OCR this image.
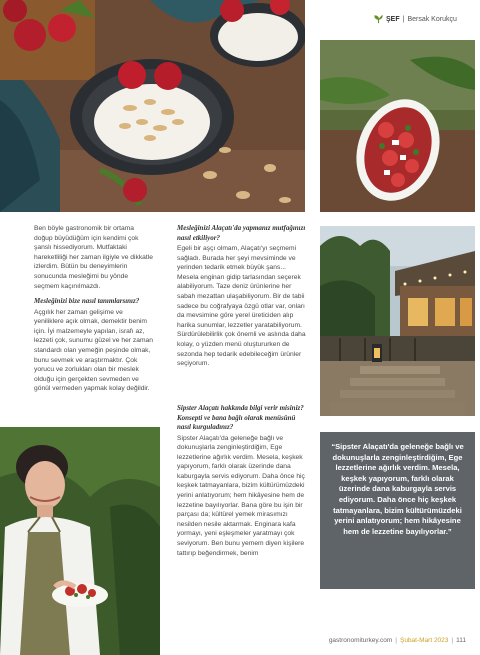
ŞEF | Bersak Korukçu

Ben böyle gastronomik bir ortama doğup büyüdüğüm için kendimi çok şanslı hissediyorum. Mutfaktaki hareketliliği her zaman ilgiyle ve dikkatle izlerdim. Bütün bu deneyimlerin sonucunda mesleğimi bu yönde seçmem kaçınılmazdı.

Mesleğinizi bize nasıl tanımlarsınız?

Açgılık her zaman gelişime ve yeniliklere açık olmak, demektir benim için. İyi malzemeyle yapılan, israfı az, lezzeti çok, sunumu güzel ve her zaman standardı olan yemeğin peşinde olmak, bunu sevmek ve araştırmaktır. Çok yorucu ve zorlukları olan bir meslek olduğu için gerçekten sevmeden ve gönül vermeden yapmak kolay değildir.

Mesleğinizi Alaçatı'da yapmanız mutfağınızı nasıl etkiliyor?

Egeli bir aşçı olmam, Alaçatı'yı seçmemi sağladı. Burada her şeyi mevsiminde ve yerinden tedarik etmek büyük şans... Mesela enginarı gidip tarlasından seçerek alabiliyorum. Taze deniz ürünlerine her sabah mezattan ulaşabiliyorum. Bir de tabii sadece bu coğrafyaya özgü otlar var, onları da mevsimine göre yerel üreticiden alıp harika sunumlar, lezzetler yaratabiliyorum. Sürdürülebilirlik çok önemli ve aslında daha kolay, o yüzden menü oluştururken de sezonda hep tedarik edebileceğim ürünler seçiyorum.

Sipster Alaçatı hakkında bilgi verir misiniz? Konsepti ve bana bağlı olarak menüsünü nasıl kurguladınız?

Sipster Alaçatı'da geleneğe bağlı ve dokunuşlarla zenginleştirdiğim, Ege lezzetlerine ağırlık verdim. Mesela, keşkek yapıyorum, farklı olarak üzerinde dana kaburgayla servis ediyorum. Daha önce hiç keşkek tatmayanlara, bizim kültürümüzdeki yerini anlatıyorum; hem hikâyesine hem de lezzetine bayılıyorlar. Bana göre bu işin bir parçası da; kültürel yemek mirasımızı nesilden nesile aktarmak. Enginara kafa yormayı, yeni eşleşmeler yaratmayı çok seviyorum. Ben bunu yemem diyen kişilere tattırıp beğendirmek, benim

“Sipster Alaçatı'da geleneğe bağlı ve dokunuşlarla zenginleştirdiğim, Ege lezzetlerine ağırlık verdim. Mesela, keşkek yapıyorum, farklı olarak üzerinde dana kaburgayla servis ediyorum. Daha önce hiç keşkek tatmayanlara, bizim kültürümüzdeki yerini anlatıyorum; hem hikâyesine hem de lezzetine bayılıyorlar.”
gastronomiturkey.com | Şubat-Mart 2023 | 111
